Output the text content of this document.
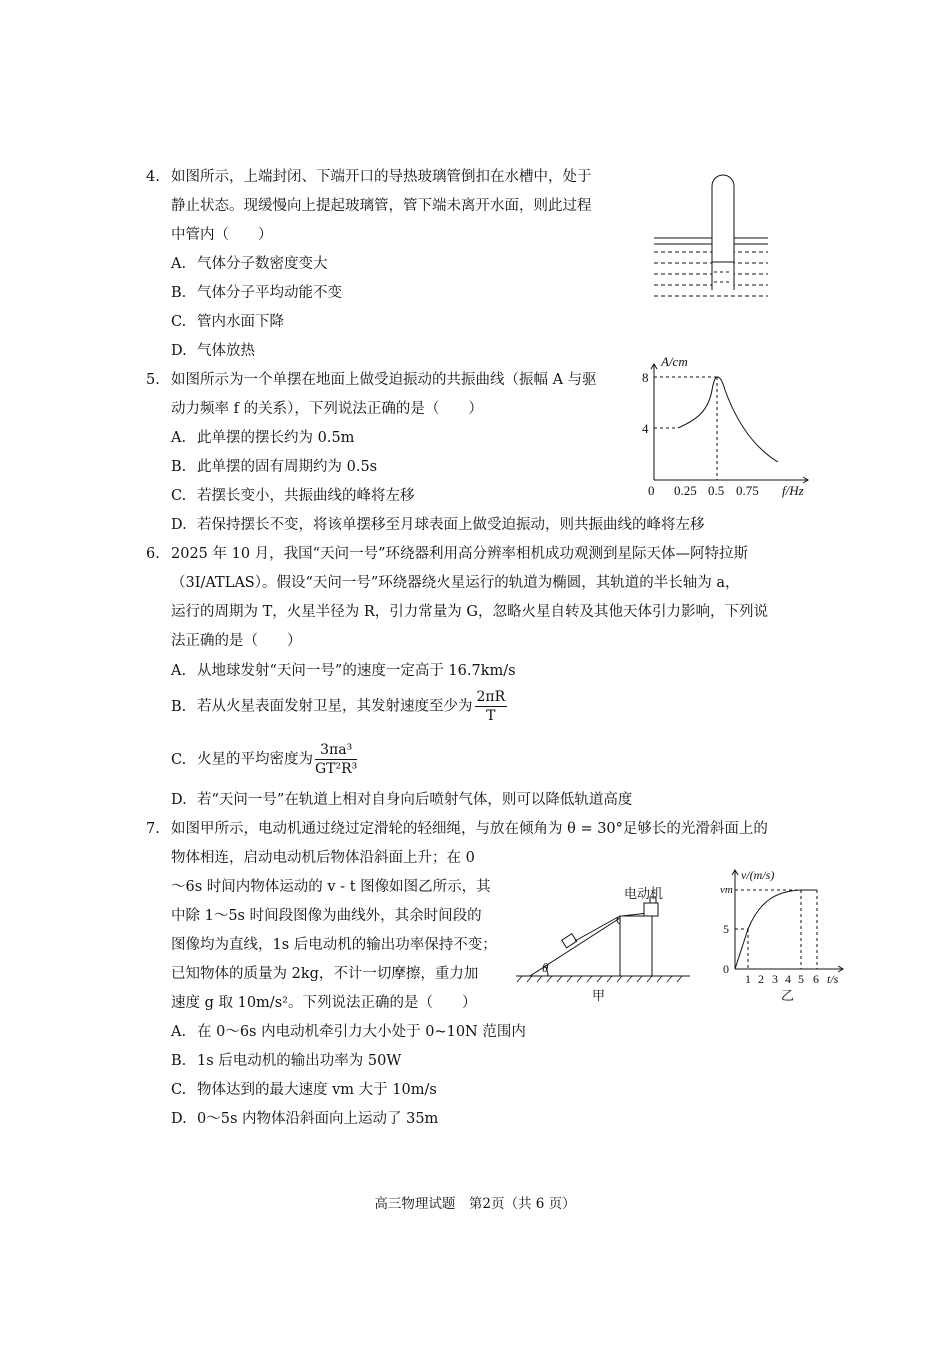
4. 如图所示，上端封闭、下端开口的导热玻璃管倒扣在水槽中，处于
静止状态。现缓慢向上提起玻璃管，管下端未离开水面，则此过程
中管内（　　）
A. 气体分子数密度变大
B. 气体分子平均动能不变
C. 管内水面下降
D. 气体放热
5. 如图所示为一个单摆在地面上做受迫振动的共振曲线（振幅 A 与驱
动力频率 f 的关系），下列说法正确的是（　　）
A. 此单摆的摆长约为 0.5m
B. 此单摆的固有周期约为 0.5s
C. 若摆长变小，共振曲线的峰将左移
D. 若保持摆长不变，将该单摆移至月球表面上做受迫振动，则共振曲线的峰将左移
A/cm
8
4
0 0.25 0.5 0.75 f/Hz
6. 2025 年 10 月，我国“天问一号”环绕器利用高分辨率相机成功观测到星际天体—阿特拉斯
（3I/ATLAS）。假设“天问一号”环绕器绕火星运行的轨道为椭圆，其轨道的半长轴为 a，
运行的周期为 T，火星半径为 R，引力常量为 G，忽略火星自转及其他天体引力影响，下列说
法正确的是（　　）
A. 从地球发射“天问一号”的速度一定高于 16.7km/s
B. 若从火星表面发射卫星，其发射速度至少为 $\frac{2\pi R}{T}$
C. 火星的平均密度为 $\frac{\text{3πa³}}{\text{GT²R³}}$
D. 若“天问一号”在轨道上相对自身向后喷射气体，则可以降低轨道高度
7. 如图甲所示，电动机通过绕过定滑轮的轻细绳，与放在倾角为 θ = 30°足够长的光滑斜面上的
物体相连，启动电动机后物体沿斜面上升；在 0
～6s 时间内物体运动的 v - t 图像如图乙所示，其
中除 1～5s 时间段图像为曲线外，其余时间段的
图像均为直线，1s 后电动机的输出功率保持不变；
已知物体的质量为 2kg，不计一切摩擦，重力加
速度 g 取 10m/s²。下列说法正确的是（　　）
A. 在 0～6s 内电动机牵引力大小处于 0~10N 范围内
B. 1s 后电动机的输出功率为 50W
C. 物体达到的最大速度 vm 大于 10m/s
D. 0～5s 内物体沿斜面向上运动了 35m
电动机
θ
甲
v/(m/s)
vm
5
0
1 2 3 4 5 6 t/s
乙
高三物理试题　第2页（共 6 页）
